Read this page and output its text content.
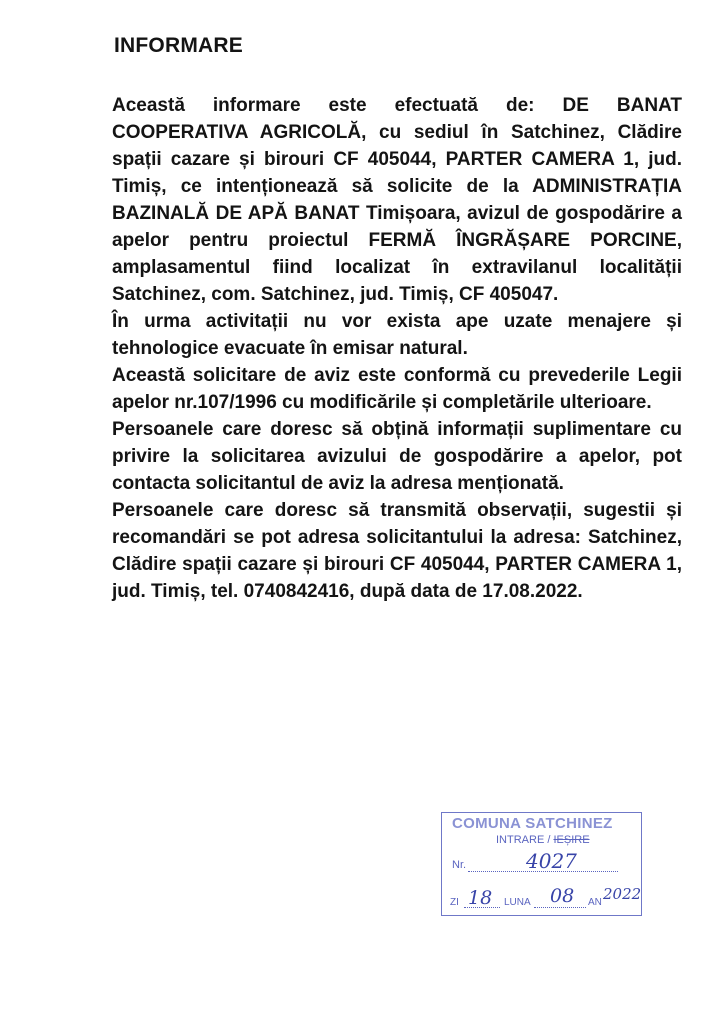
INFORMARE

Această informare este efectuată de: DE BANAT COOPERATIVA AGRICOLĂ, cu sediul în Satchinez, Clădire spații cazare și birouri CF 405044, PARTER CAMERA 1, jud. Timiș, ce intenționează să solicite de la ADMINISTRAȚIA BAZINALĂ DE APĂ BANAT Timișoara, avizul de gospodărire a apelor pentru proiectul FERMĂ ÎNGRĂȘARE PORCINE, amplasamentul fiind localizat în extravilanul localității Satchinez, com. Satchinez, jud. Timiș, CF 405047.

În urma activitații nu vor exista ape uzate menajere și tehnologice evacuate în emisar natural.

Această solicitare de aviz este conformă cu prevederile Legii apelor nr.107/1996 cu modificările și completările ulterioare.

Persoanele care doresc să obțină informații suplimentare cu privire la solicitarea avizului de gospodărire a apelor, pot contacta solicitantul de aviz la adresa menționată.

Persoanele care doresc să transmită observații, sugestii și recomandări se pot adresa solicitantului la adresa: Satchinez, Clădire spații cazare și birouri CF 405044, PARTER CAMERA 1, jud. Timiș, tel. 0740842416, după data de 17.08.2022.

COMUNA SATCHINEZ
INTRARE / IEȘIRE
Nr.	4027
ZI 18 LUNA 08 AN 2022
